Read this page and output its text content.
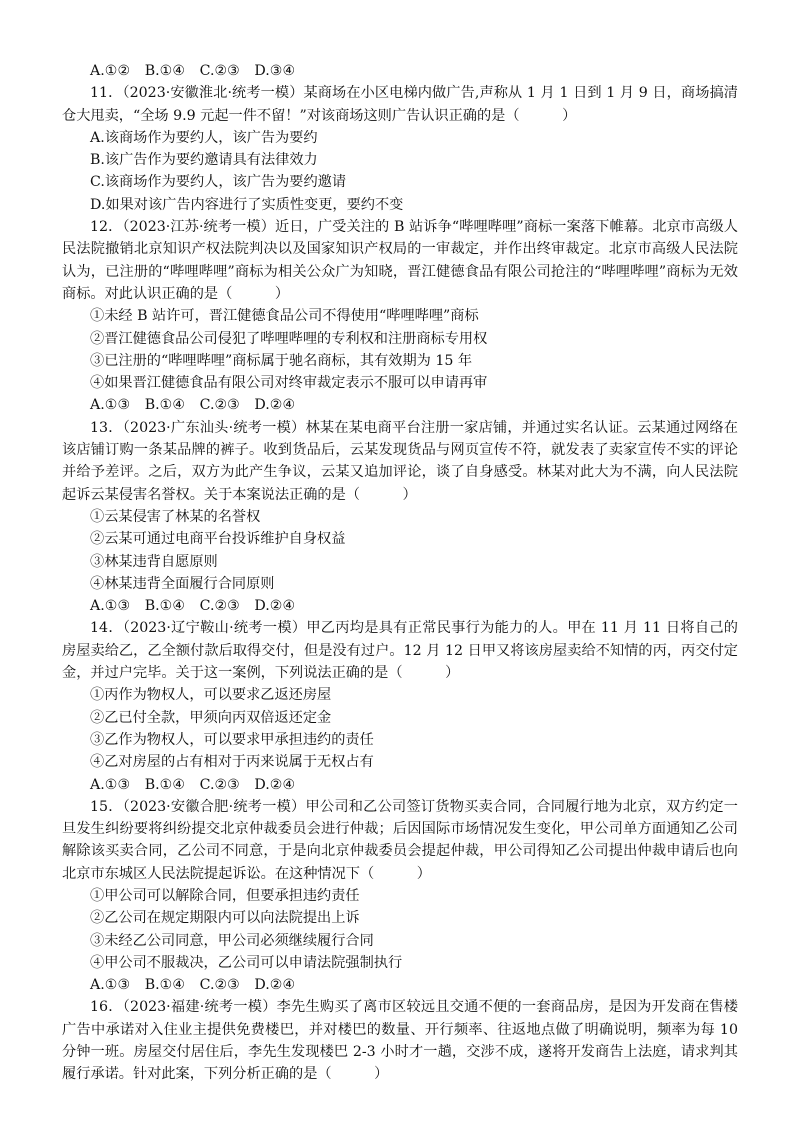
A.①② B.①④ C.②③ D.③④

11．（2023·安徽淮北·统考一模）某商场在小区电梯内做广告,声称从 1 月 1 日到 1 月 9 日，商场搞清仓大甩卖，“全场 9.9 元起一件不留！”对该商场这则广告认识正确的是（　　　）

A.该商场作为要约人，该广告为要约

B.该广告作为要约邀请具有法律效力

C.该商场作为要约人，该广告为要约邀请

D.如果对该广告内容进行了实质性变更，要约不变

12．（2023·江苏·统考一模）近日，广受关注的 B 站诉争“哔哩哔哩”商标一案落下帷幕。北京市高级人民法院撤销北京知识产权法院判决以及国家知识产权局的一审裁定，并作出终审裁定。北京市高级人民法院认为，已注册的“哔哩哔哩”商标为相关公众广为知晓，晋江健德食品有限公司抢注的“哔哩哔哩”商标为无效商标。对此认识正确的是（　　　）

①未经 B 站许可，晋江健德食品公司不得使用“哔哩哔哩”商标

②晋江健德食品公司侵犯了哔哩哔哩的专利权和注册商标专用权

③已注册的“哔哩哔哩”商标属于驰名商标，其有效期为 15 年

④如果晋江健德食品有限公司对终审裁定表示不服可以申请再审

A.①③ B.①④ C.②③ D.②④

13．（2023·广东汕头·统考一模）林某在某电商平台注册一家店铺，并通过实名认证。云某通过网络在该店铺订购一条某品牌的裤子。收到货品后，云某发现货品与网页宣传不符，就发表了卖家宣传不实的评论并给予差评。之后，双方为此产生争议，云某又追加评论，谈了自身感受。林某对此大为不满，向人民法院起诉云某侵害名誉权。关于本案说法正确的是（　　　）

①云某侵害了林某的名誉权

②云某可通过电商平台投诉维护自身权益

③林某违背自愿原则

④林某违背全面履行合同原则

A.①③ B.①④ C.②③ D.②④

14．（2023·辽宁鞍山·统考一模）甲乙丙均是具有正常民事行为能力的人。甲在 11 月 11 日将自己的房屋卖给乙，乙全额付款后取得交付，但是没有过户。12 月 12 日甲又将该房屋卖给不知情的丙，丙交付定金，并过户完毕。关于这一案例，下列说法正确的是（　　　）

①丙作为物权人，可以要求乙返还房屋

②乙已付全款，甲须向丙双倍返还定金

③乙作为物权人，可以要求甲承担违约的责任

④乙对房屋的占有相对于丙来说属于无权占有

A.①③ B.①④ C.②③ D.②④

15．（2023·安徽合肥·统考一模）甲公司和乙公司签订货物买卖合同，合同履行地为北京，双方约定一旦发生纠纷要将纠纷提交北京仲裁委员会进行仲裁；后因国际市场情况发生变化，甲公司单方面通知乙公司解除该买卖合同，乙公司不同意，于是向北京仲裁委员会提起仲裁，甲公司得知乙公司提出仲裁申请后也向北京市东城区人民法院提起诉讼。在这种情况下（　　　）

①甲公司可以解除合同，但要承担违约责任

②乙公司在规定期限内可以向法院提出上诉

③未经乙公司同意，甲公司必须继续履行合同

④甲公司不服裁决，乙公司可以申请法院强制执行

A.①③ B.①④ C.②③ D.②④

16．（2023·福建·统考一模）李先生购买了离市区较远且交通不便的一套商品房，是因为开发商在售楼广告中承诺对入住业主提供免费楼巴，并对楼巴的数量、开行频率、往返地点做了明确说明，频率为每 10 分钟一班。房屋交付居住后，李先生发现楼巴 2-3 小时才一趟，交涉不成，遂将开发商告上法庭，请求判其履行承诺。针对此案，下列分析正确的是（　　　）
